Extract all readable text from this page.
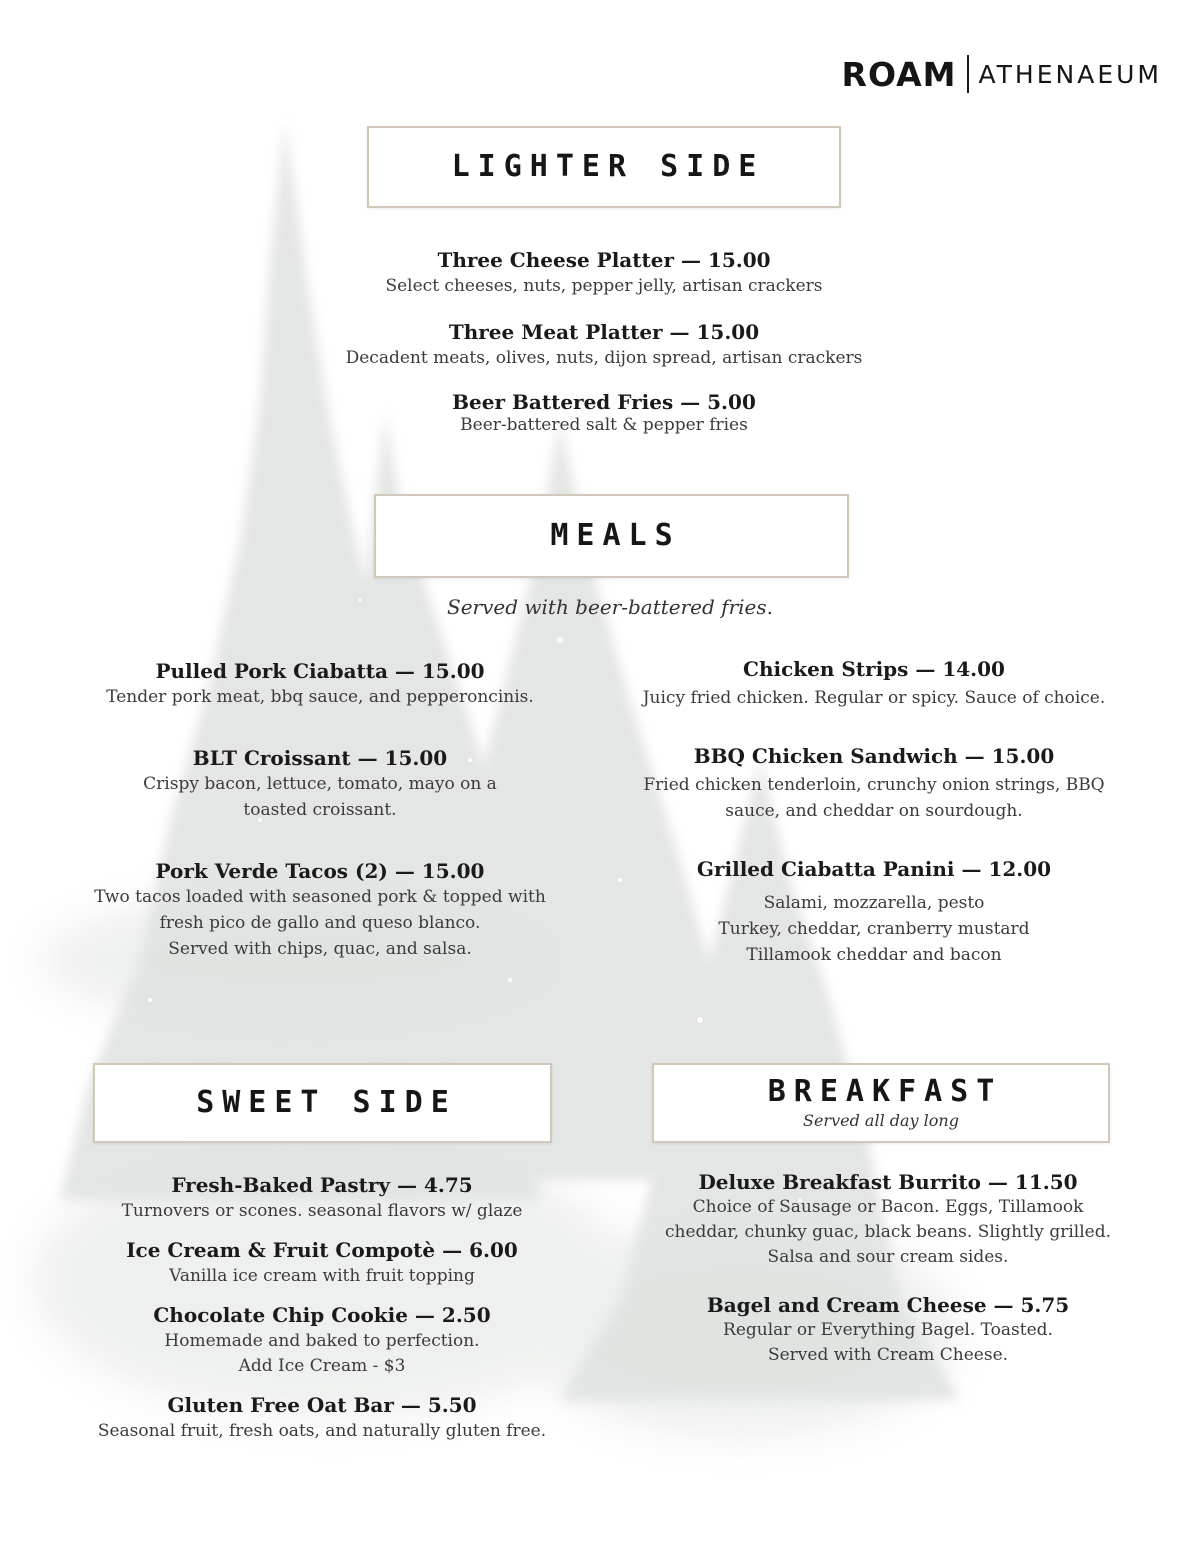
ROAM ATHENAEUM
LIGHTER SIDE
Three Cheese Platter — 15.00
Select cheeses, nuts, pepper jelly, artisan crackers
Three Meat Platter — 15.00
Decadent meats, olives, nuts, dijon spread, artisan crackers
Beer Battered Fries — 5.00
Beer-battered salt & pepper fries
MEALS
Served with beer-battered fries.
Pulled Pork Ciabatta — 15.00
Tender pork meat, bbq sauce, and pepperoncinis.
BLT Croissant — 15.00
Crispy bacon, lettuce, tomato, mayo on a
toasted croissant.
Pork Verde Tacos (2) — 15.00
Two tacos loaded with seasoned pork & topped with
fresh pico de gallo and queso blanco.
Served with chips, quac, and salsa.
Chicken Strips — 14.00
Juicy fried chicken. Regular or spicy. Sauce of choice.
BBQ Chicken Sandwich — 15.00
Fried chicken tenderloin, crunchy onion strings, BBQ
sauce, and cheddar on sourdough.
Grilled Ciabatta Panini — 12.00
Salami, mozzarella, pesto
Turkey, cheddar, cranberry mustard
Tillamook cheddar and bacon
SWEET SIDE
Fresh-Baked Pastry — 4.75
Turnovers or scones. seasonal flavors w/ glaze
Ice Cream & Fruit Compotè — 6.00
Vanilla ice cream with fruit topping
Chocolate Chip Cookie — 2.50
Homemade and baked to perfection.
Add Ice Cream - $3
Gluten Free Oat Bar — 5.50
Seasonal fruit, fresh oats, and naturally gluten free.
BREAKFAST
Served all day long
Deluxe Breakfast Burrito — 11.50
Choice of Sausage or Bacon. Eggs, Tillamook
cheddar, chunky guac, black beans. Slightly grilled.
Salsa and sour cream sides.
Bagel and Cream Cheese — 5.75
Regular or Everything Bagel. Toasted.
Served with Cream Cheese.
